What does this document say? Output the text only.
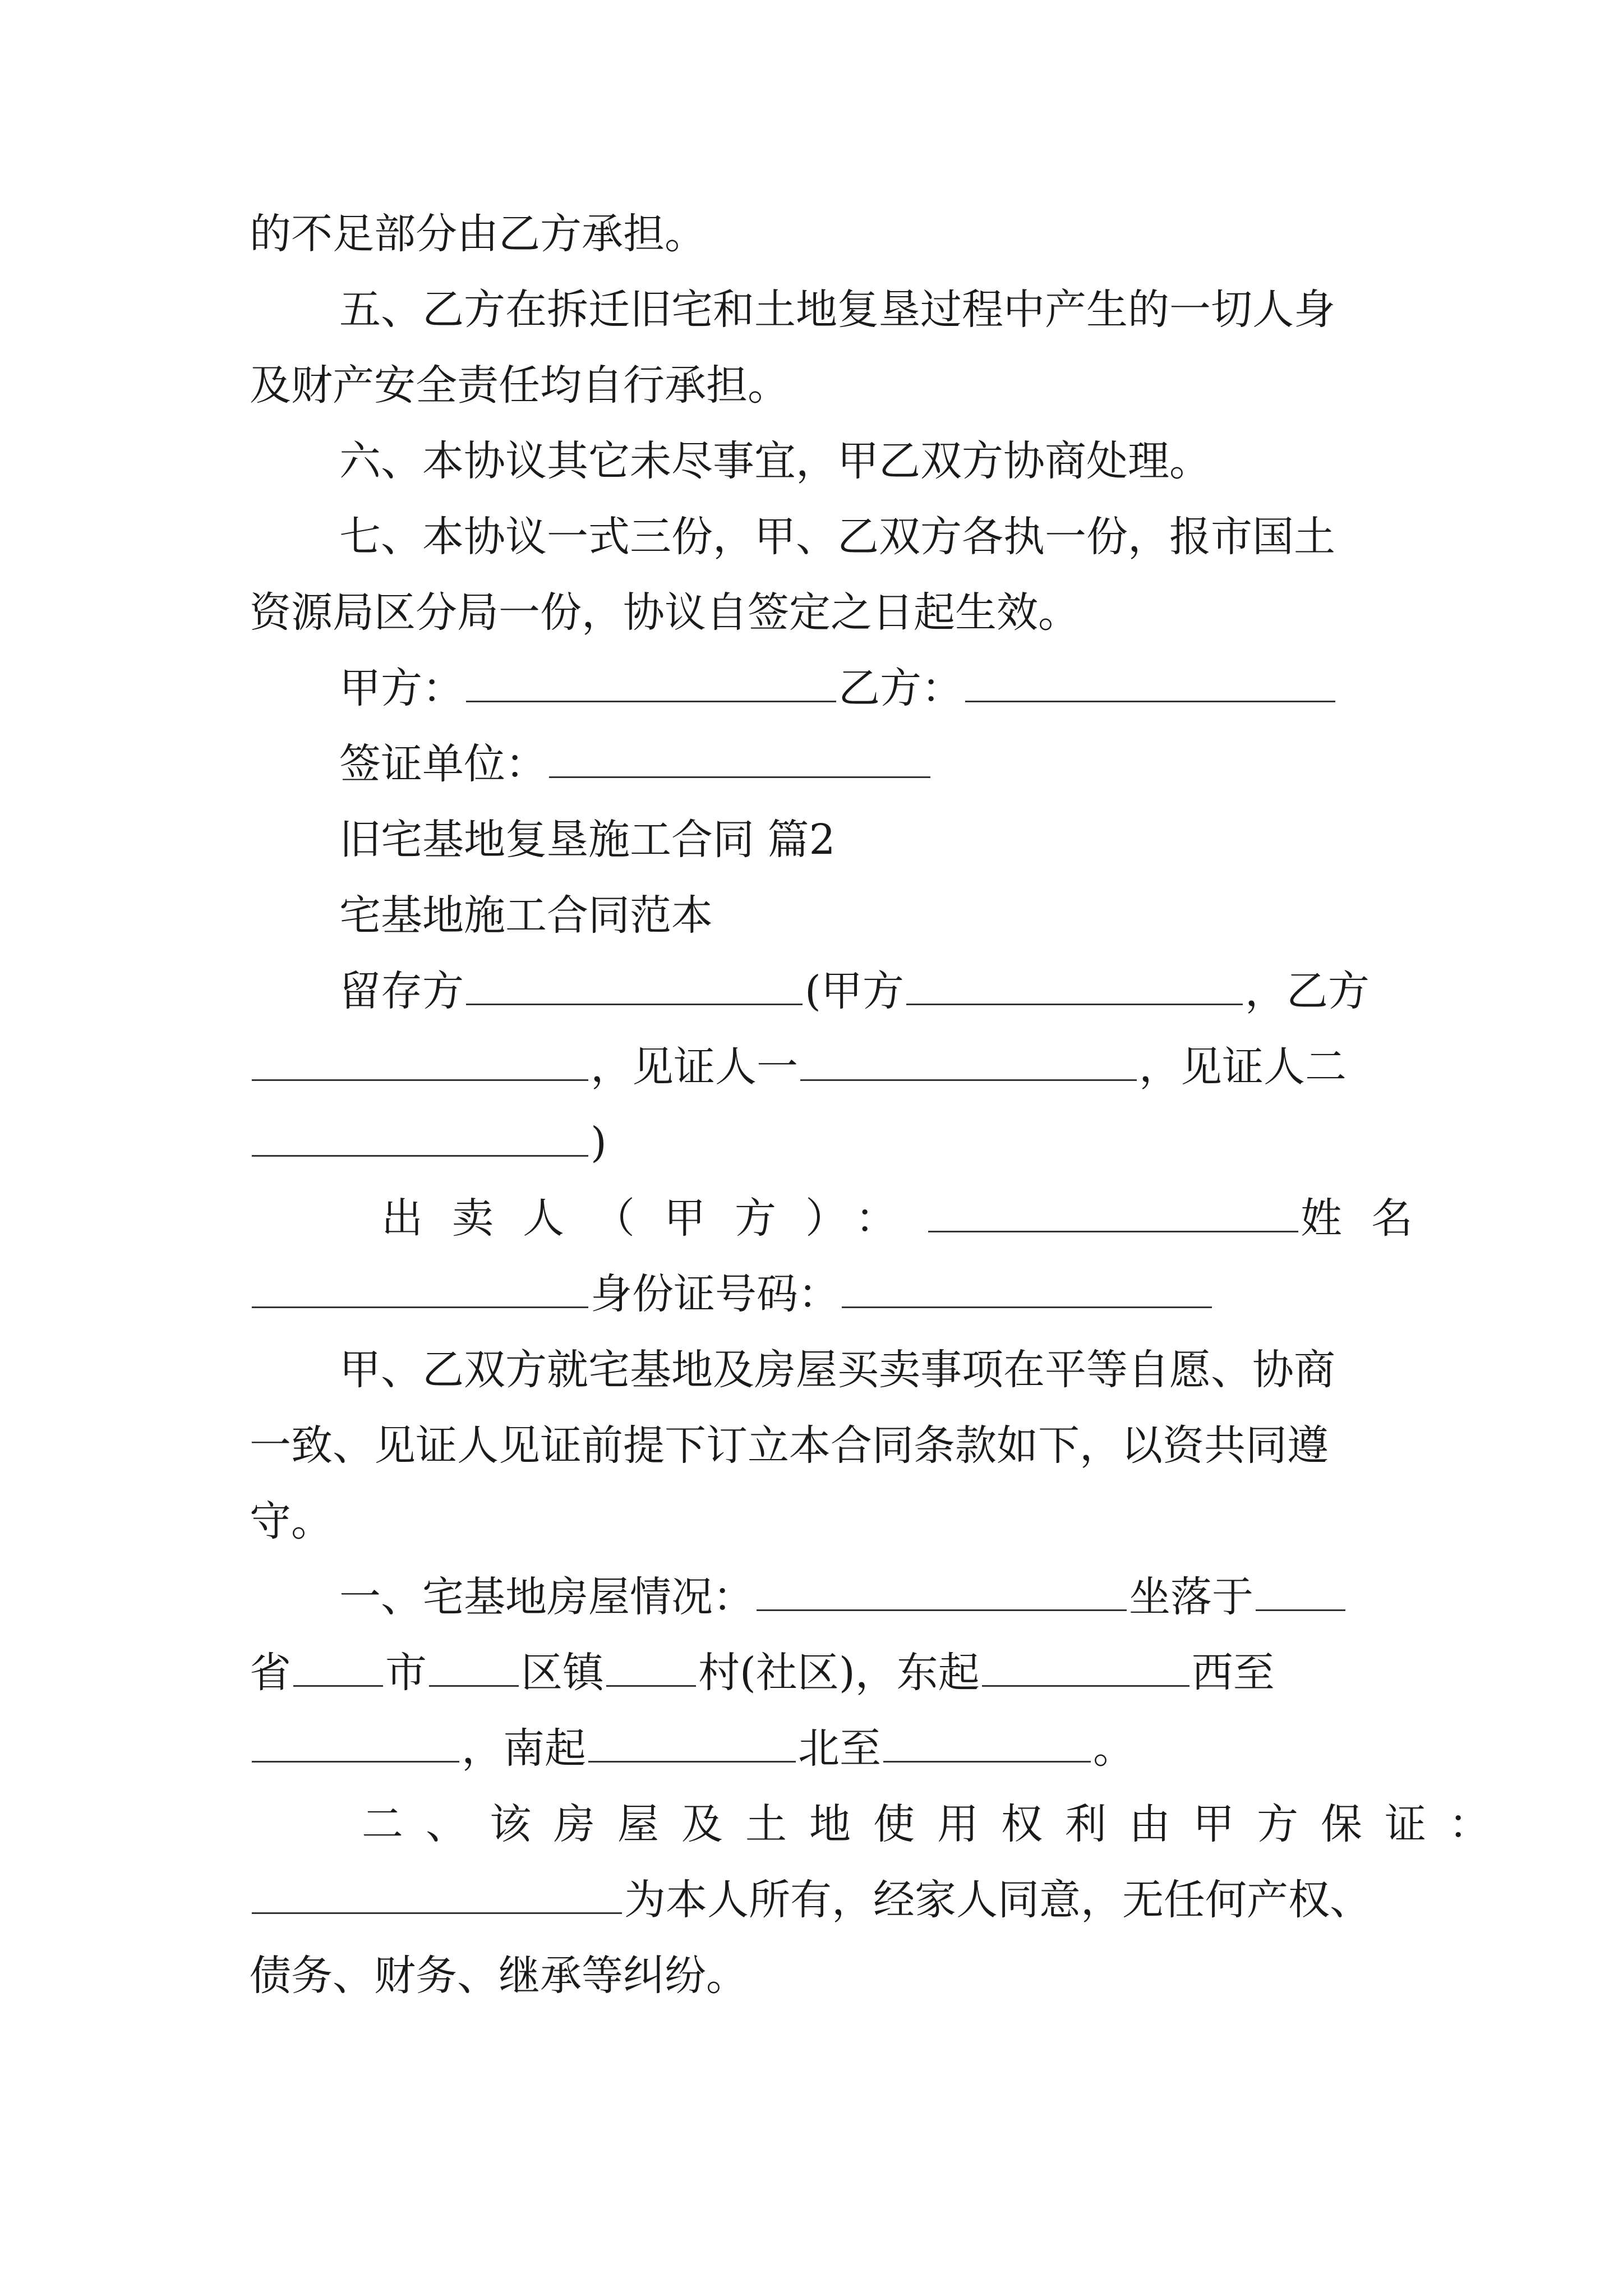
的不足部分由乙方承担。
五、乙方在拆迁旧宅和土地复垦过程中产生的一切人身
及财产安全责任均自行承担。
六、本协议其它未尽事宜，甲乙双方协商处理。
七、本协议一式三份，甲、乙双方各执一份，报市国土
资源局区分局一份，协议自签定之日起生效。
甲方：	乙方：
签证单位：
旧宅基地复垦施工合同 篇2
宅基地施工合同范本
留存方	(甲方	，乙方
，见证人一	，见证人二
)
出卖人（甲方）：	姓名
身份证号码：
甲、乙双方就宅基地及房屋买卖事项在平等自愿、协商
一致、见证人见证前提下订立本合同条款如下，以资共同遵
守。
一、宅基地房屋情况：	坐落于
省 市 区镇 村(社区)，东起	西至
，南起	北至	。
二、该房屋及土地使用权利由甲方保证：
为本人所有，经家人同意，无任何产权、
债务、财务、继承等纠纷。
